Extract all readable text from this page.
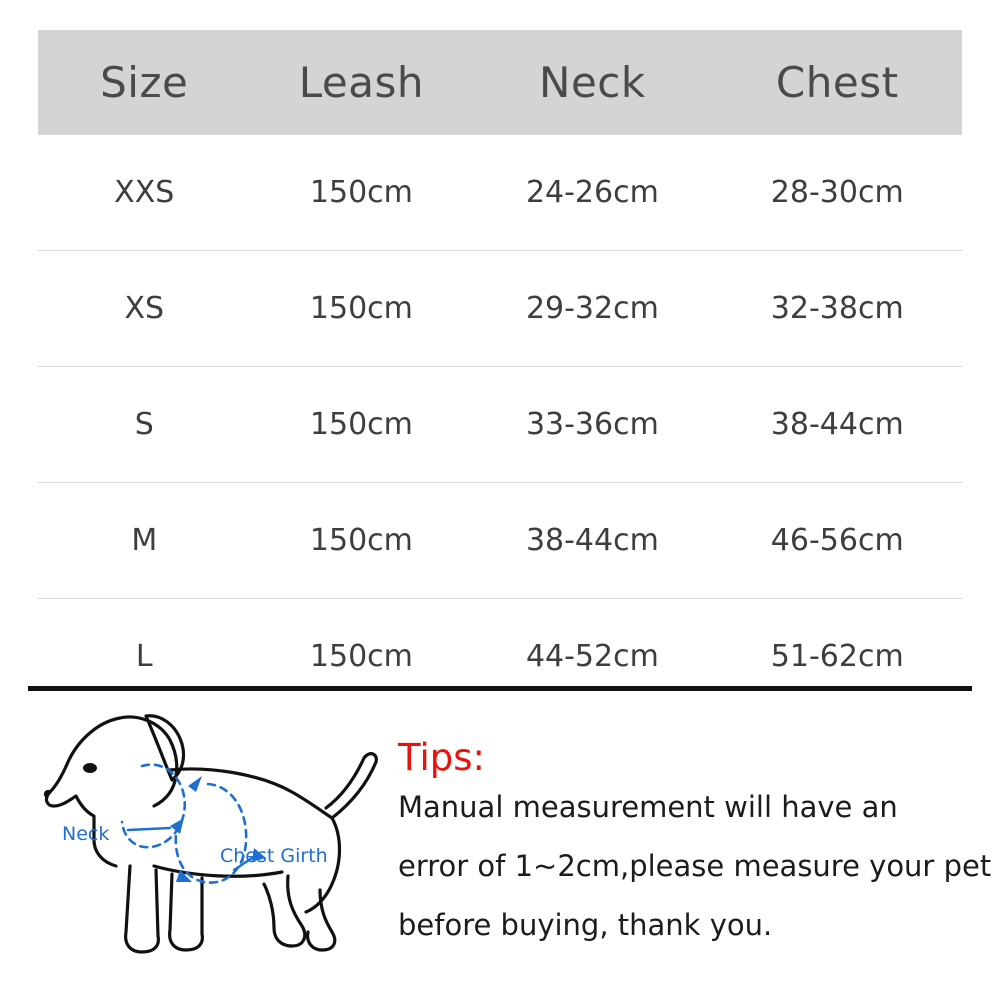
Size	Leash	Neck	Chest
XXS	150cm	24-26cm	28-30cm
XS	150cm	29-32cm	32-38cm
S	150cm	33-36cm	38-44cm
M	150cm	38-44cm	46-56cm
L	150cm	44-52cm	51-62cm
Neck
Chest Girth
Tips:
Manual measurement will have an
error of 1~2cm,please measure your pet
before buying, thank you.
